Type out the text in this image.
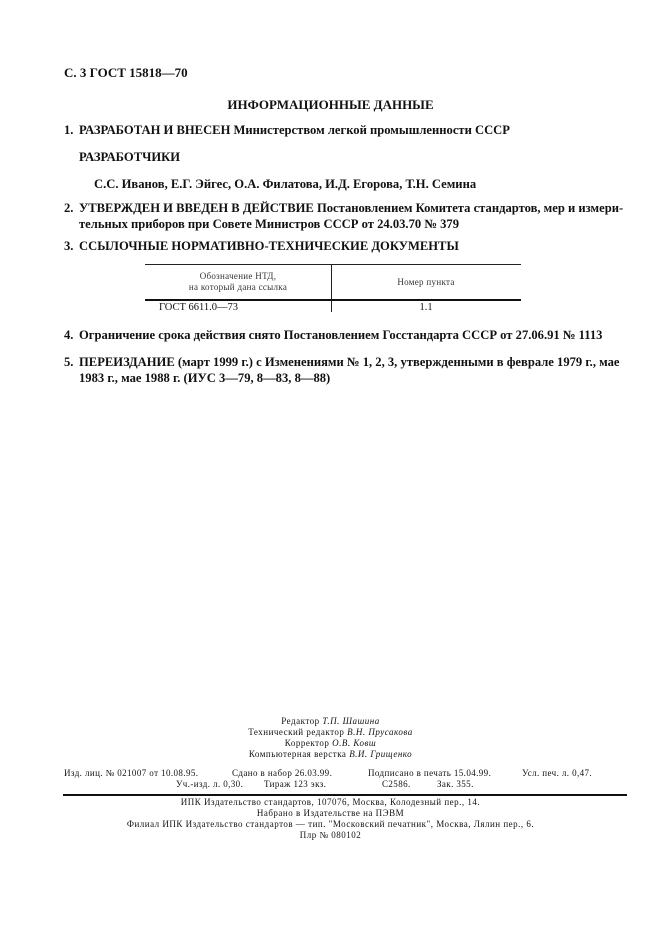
С. 3 ГОСТ 15818—70
ИНФОРМАЦИОННЫЕ ДАННЫЕ
1. РАЗРАБОТАН И ВНЕСЕН Министерством легкой промышленности СССР
РАЗРАБОТЧИКИ
С.С. Иванов, Е.Г. Эйгес, О.А. Филатова, И.Д. Егорова, Т.Н. Семина
2. УТВЕРЖДЕН И ВВЕДЕН В ДЕЙСТВИЕ Постановлением Комитета стандартов, мер и измери-
тельных приборов при Совете Министров СССР от 24.03.70 № 379
3. ССЫЛОЧНЫЕ НОРМАТИВНО-ТЕХНИЧЕСКИЕ ДОКУМЕНТЫ
Обозначение НТД,
на который дана ссылка	Номер пункта
ГОСТ 6611.0—73	1.1
4. Ограничение срока действия снято Постановлением Госстандарта СССР от 27.06.91 № 1113
5. ПЕРЕИЗДАНИЕ (март 1999 г.) с Изменениями № 1, 2, 3, утвержденными в феврале 1979 г., мае
1983 г., мае 1988 г. (ИУС 3—79, 8—83, 8—88)
Редактор Т.П. Шашина
Технический редактор В.Н. Прусакова
Корректор О.В. Ковш
Компьютерная верстка В.И. Грищенко
Изд. лиц. № 021007 от 10.08.95.	Сдано в набор 26.03.99.	Подписано в печать 15.04.99.	Усл. печ. л. 0,47.
Уч.-изд. л. 0,30. Тираж 123 экз.	С2586.	Зак. 355.
ИПК Издательство стандартов, 107076, Москва, Колодезный пер., 14.
Набрано в Издательстве на ПЭВМ
Филиал ИПК Издательство стандартов — тип. "Московский печатник", Москва, Лялин пер., 6.
Плр № 080102
